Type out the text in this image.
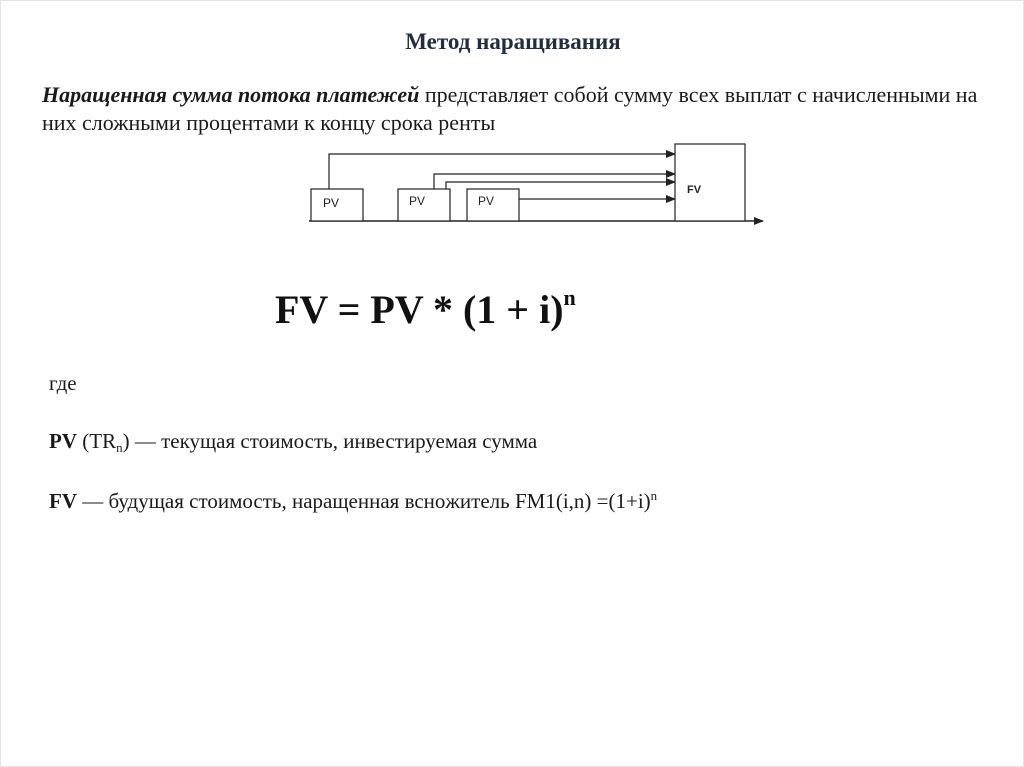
Метод наращивания
Наращенная сумма потока платежей представляет собой сумму всех выплат с начисленными на них сложными процентами к концу срока ренты
PV	PV	PV
FV
FV = PV * $(1 + i)^n$
где
PV $(TR_n)$ — текущая стоимость, инвестируемая сумма
FV — будущая стоимость, наращенная вснoжитель $FM1(i,n) =(1+i)^n$
